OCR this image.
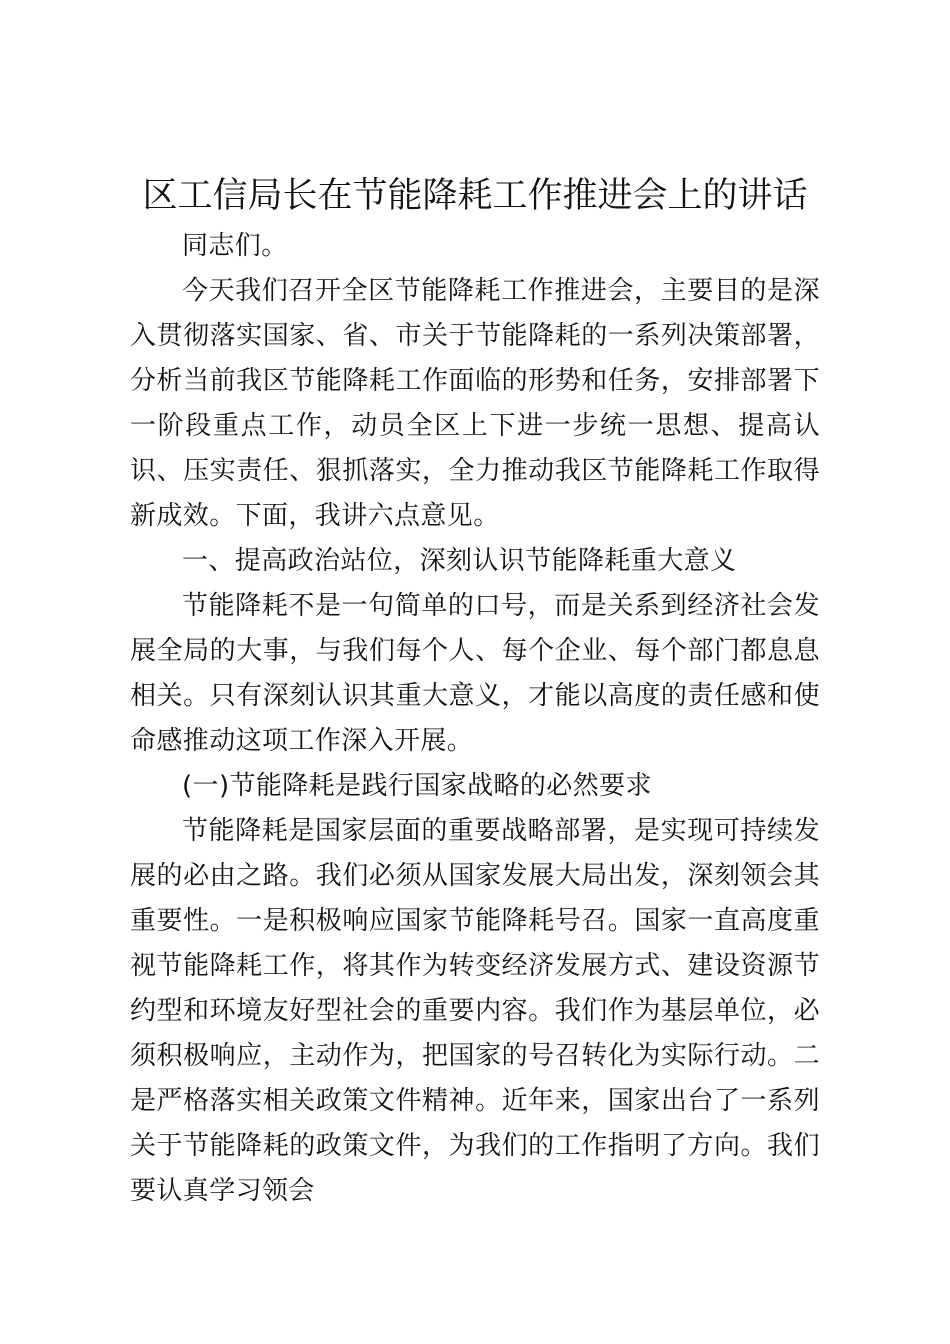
区工信局长在节能降耗工作推进会上的讲话

同志们。

今天我们召开全区节能降耗工作推进会，主要目的是深入贯彻落实国家、省、市关于节能降耗的一系列决策部署，分析当前我区节能降耗工作面临的形势和任务，安排部署下一阶段重点工作，动员全区上下进一步统一思想、提高认识、压实责任、狠抓落实，全力推动我区节能降耗工作取得新成效。下面，我讲六点意见。

一、提高政治站位，深刻认识节能降耗重大意义

节能降耗不是一句简单的口号，而是关系到经济社会发展全局的大事，与我们每个人、每个企业、每个部门都息息相关。只有深刻认识其重大意义，才能以高度的责任感和使命感推动这项工作深入开展。

(一)节能降耗是践行国家战略的必然要求

节能降耗是国家层面的重要战略部署，是实现可持续发展的必由之路。我们必须从国家发展大局出发，深刻领会其重要性。一是积极响应国家节能降耗号召。国家一直高度重视节能降耗工作，将其作为转变经济发展方式、建设资源节约型和环境友好型社会的重要内容。我们作为基层单位，必须积极响应，主动作为，把国家的号召转化为实际行动。二是严格落实相关政策文件精神。近年来，国家出台了一系列关于节能降耗的政策文件，为我们的工作指明了方向。我们要认真学习领会
